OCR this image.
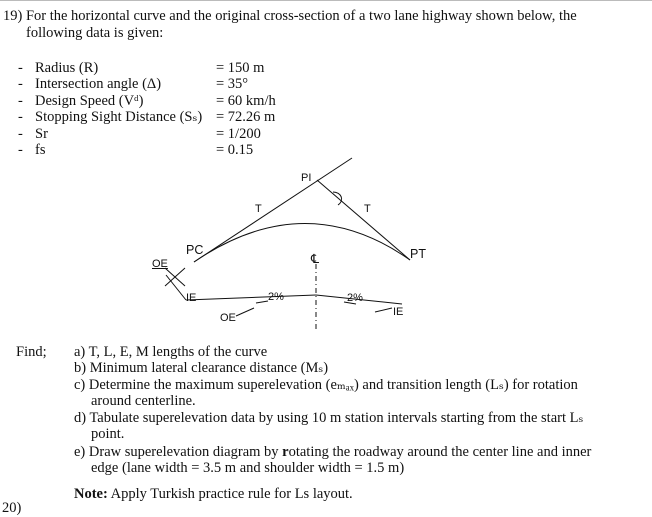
19) For the horizontal curve and the original cross-section of a two lane highway shown below, the
following data is given:
- Radius (R)	= 150 m
- Intersection angle (Δ)	= 35°
- Design Speed (Vᵈ)	= 60 km/h
- Stopping Sight Distance (Sₛ) = 72.26 m
- Sr	= 1/200
- fs	= 0.15
PI
T	T
PC	PT
OE	℄
IE	2%	2%
IE
OE
Find; a) T, L, E, M lengths of the curve
b) Minimum lateral clearance distance (Mₛ)
c) Determine the maximum superelevation (eₘₐₓ) and transition length (Lₛ) for rotation
around centerline.
d) Tabulate superelevation data by using 10 m station intervals starting from the start Lₛ
point.
e) Draw superelevation diagram by rotating the roadway around the center line and inner
edge (lane width = 3.5 m and shoulder width = 1.5 m)
Note: Apply Turkish practice rule for Ls layout.
20)
